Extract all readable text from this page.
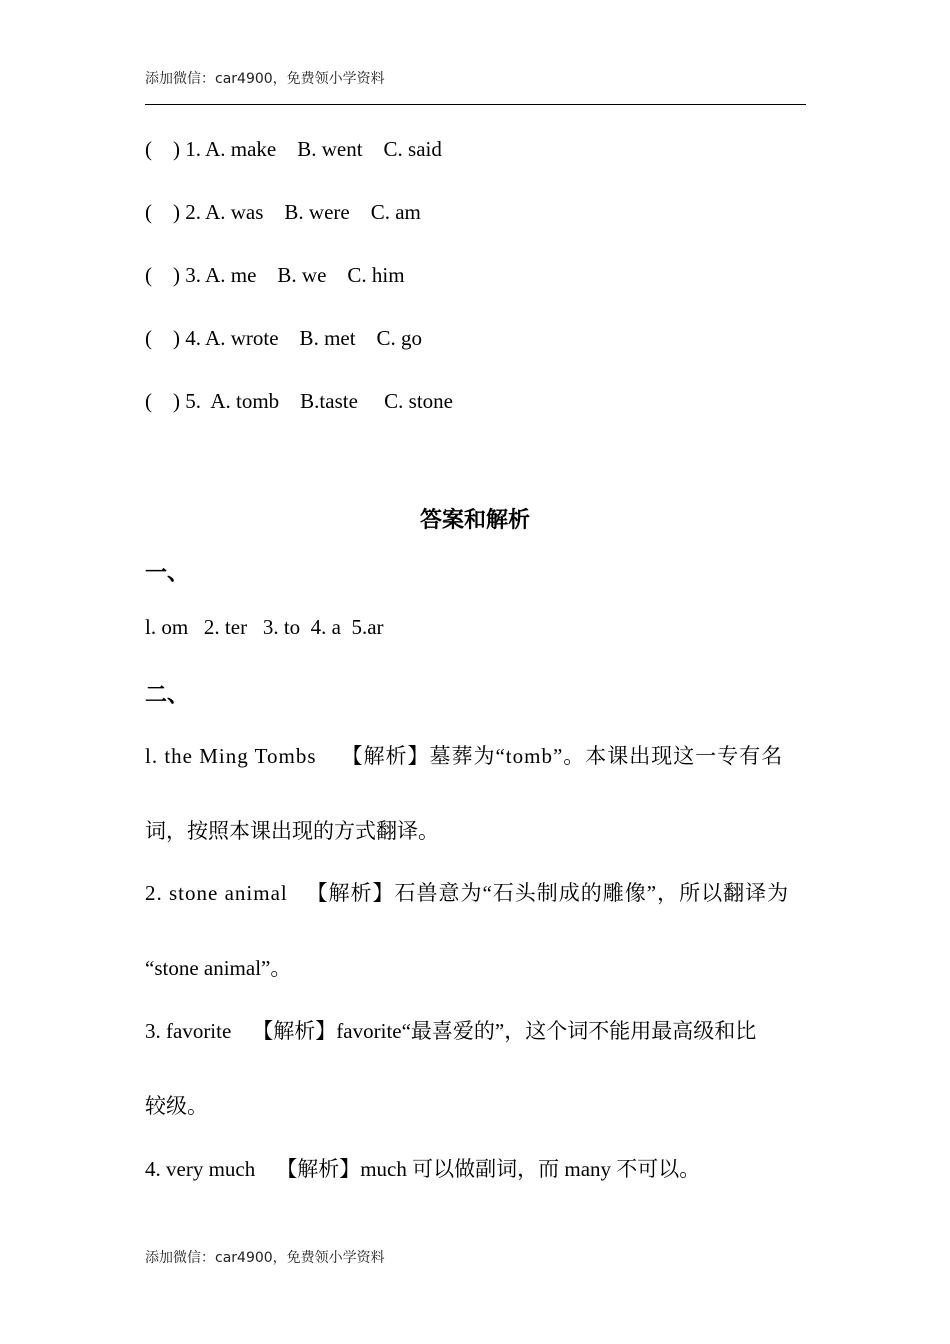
添加微信：car4900，免费领小学资料
(    ) 1. A. make    B. went    C. said
(    ) 2. A. was    B. were    C. am
(    ) 3. A. me    B. we    C. him
(    ) 4. A. wrote    B. met    C. go
(    ) 5.  A. tomb    B.taste     C. stone
答案和解析
一、
l. om   2. ter   3. to  4. a  5.ar
二、
l. the Ming Tombs    【解析】墓葬为“tomb”。本课出现这一专有名
词，按照本课出现的方式翻译。
2. stone animal   【解析】石兽意为“石头制成的雕像”，所以翻译为
“stone animal”。
3. favorite    【解析】favorite“最喜爱的”，这个词不能用最高级和比
较级。
4. very much    【解析】much 可以做副词，而 many 不可以。
添加微信：car4900，免费领小学资料
